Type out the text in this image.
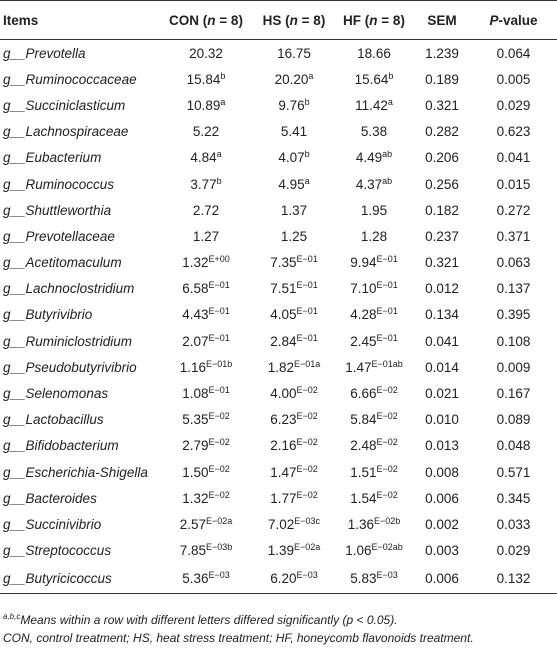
Items	CON (n = 8)	HS (n = 8)	HF (n = 8)	SEM	P-value
g__Prevotella	20.32	16.75	18.66	1.239	0.064
g__Ruminococcaceae	15.84$^b$	20.20$^a$	15.64$^b$	0.189	0.005
g__Succiniclasticum	10.89$^a$	9.76$^b$	11.42$^a$	0.321	0.029
g__Lachnospiraceae	5.22	5.41	5.38	0.282	0.623
g__Eubacterium	4.84$^a$	4.07$^b$	4.49$^{ab}$	0.206	0.041
g__Ruminococcus	3.77$^b$	4.95$^a$	4.37$^{ab}$	0.256	0.015
g__Shuttleworthia	2.72	1.37	1.95	0.182	0.272
g__Prevotellaceae	1.27	1.25	1.28	0.237	0.371
g__Acetitomaculum	$1.32^{E+00}$	$7.35^{E-01}$	$9.94^{E-01}$	0.321	0.063
g__Lachnoclostridium	$6.58^{E-01}$	$7.51^{E-01}$	$7.10^{E-01}$	0.012	0.137
g__Butyrivibrio	$4.43^{E-01}$	$4.05^{E-01}$	$4.28^{E-01}$	0.134	0.395
g__Ruminiclostridium	$2.07^{E-01}$	$2.84^{E-01}$	$2.45^{E-01}$	0.041	0.108
g__Pseudobutyrivibrio	$1.16^{E-01b}$	$1.82^{E-01a}$	$1.47^{E-01ab}$	0.014	0.009
g__Selenomonas	$1.08^{E-01}$	$4.00^{E-02}$	$6.66^{E-02}$	0.021	0.167
g__Lactobacillus	$5.35^{E-02}$	$6.23^{E-02}$	$5.84^{E-02}$	0.010	0.089
g__Bifidobacterium	$2.79^{E-02}$	$2.16^{E-02}$	$2.48^{E-02}$	0.013	0.048
g__Escherichia-Shigella	$1.50^{E-02}$	$1.47^{E-02}$	$1.51^{E-02}$	0.008	0.571
g__Bacteroides	$1.32^{E-02}$	$1.77^{E-02}$	$1.54^{E-02}$	0.006	0.345
g__Succinivibrio	$2.57^{E-02a}$	$7.02^{E-03c}$	$1.36^{E-02b}$	0.002	0.033
g__Streptococcus	$7.85^{E-03b}$	$1.39^{E-02a}$	$1.06^{E-02ab}$	0.003	0.029
g__Butyricicoccus	$5.36^{E-03}$	$6.20^{E-03}$	$5.83^{E-03}$	0.006	0.132
$^{a,b,c}$Means within a row with different letters differed significantly (p < 0.05).
CON, control treatment; HS, heat stress treatment; HF, honeycomb flavonoids treatment.
